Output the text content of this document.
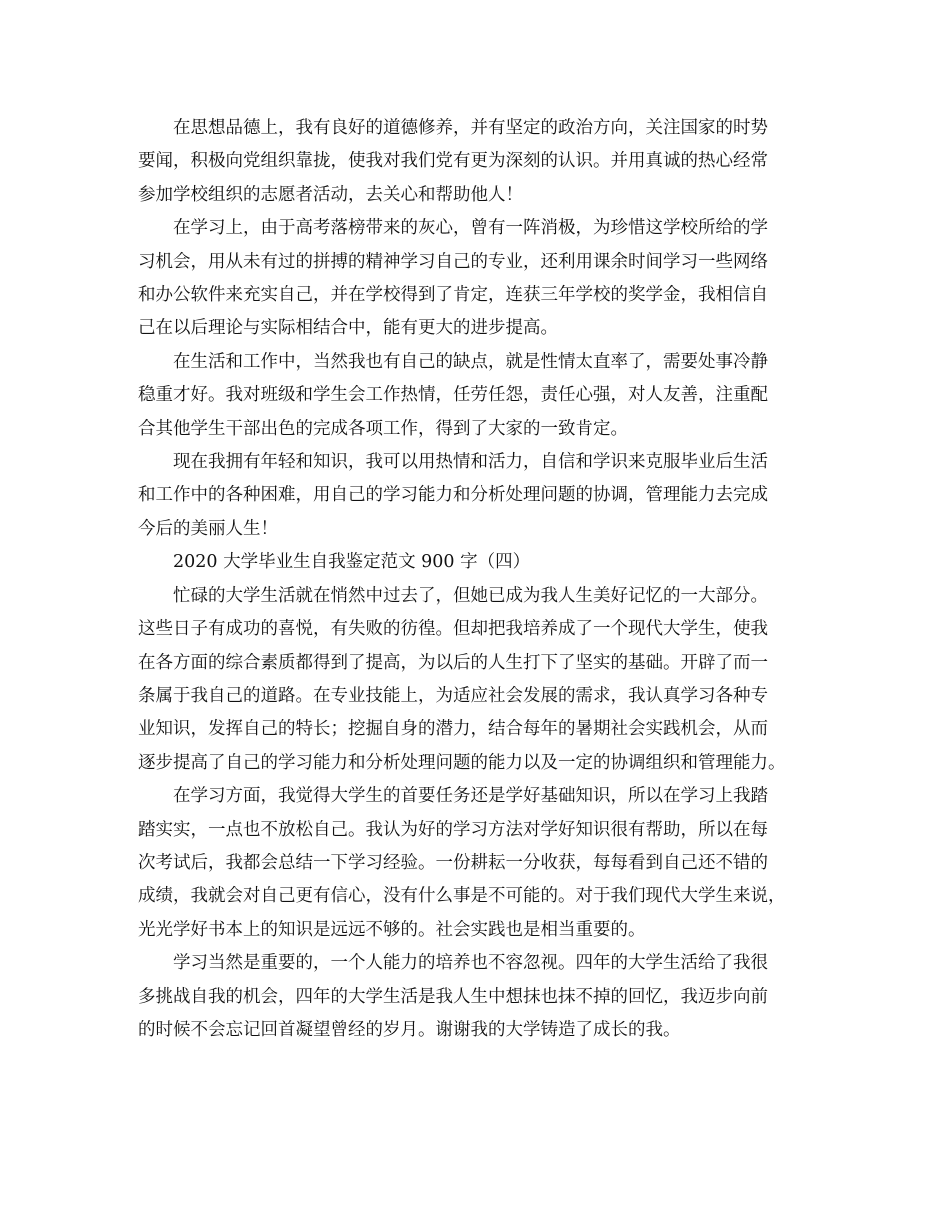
在思想品德上，我有良好的道德修养，并有坚定的政治方向，关注国家的时势
要闻，积极向党组织靠拢，使我对我们党有更为深刻的认识。并用真诚的热心经常
参加学校组织的志愿者活动，去关心和帮助他人！

在学习上，由于高考落榜带来的灰心，曾有一阵消极，为珍惜这学校所给的学
习机会，用从未有过的拼搏的精神学习自己的专业，还利用课余时间学习一些网络
和办公软件来充实自己，并在学校得到了肯定，连获三年学校的奖学金，我相信自
己在以后理论与实际相结合中，能有更大的进步提高。

在生活和工作中，当然我也有自己的缺点，就是性情太直率了，需要处事冷静
稳重才好。我对班级和学生会工作热情，任劳任怨，责任心强，对人友善，注重配
合其他学生干部出色的完成各项工作，得到了大家的一致肯定。

现在我拥有年轻和知识，我可以用热情和活力，自信和学识来克服毕业后生活
和工作中的各种困难，用自己的学习能力和分析处理问题的协调，管理能力去完成
今后的美丽人生！

2020 大学毕业生自我鉴定范文 900 字（四）

忙碌的大学生活就在悄然中过去了，但她已成为我人生美好记忆的一大部分。
这些日子有成功的喜悦，有失败的彷徨。但却把我培养成了一个现代大学生，使我
在各方面的综合素质都得到了提高，为以后的人生打下了坚实的基础。开辟了而一
条属于我自己的道路。在专业技能上，为适应社会发展的需求，我认真学习各种专
业知识，发挥自己的特长；挖掘自身的潜力，结合每年的暑期社会实践机会，从而
逐步提高了自己的学习能力和分析处理问题的能力以及一定的协调组织和管理能力。

在学习方面，我觉得大学生的首要任务还是学好基础知识，所以在学习上我踏
踏实实，一点也不放松自己。我认为好的学习方法对学好知识很有帮助，所以在每
次考试后，我都会总结一下学习经验。一份耕耘一分收获，每每看到自己还不错的
成绩，我就会对自己更有信心，没有什么事是不可能的。对于我们现代大学生来说，
光光学好书本上的知识是远远不够的。社会实践也是相当重要的。

学习当然是重要的，一个人能力的培养也不容忽视。四年的大学生活给了我很
多挑战自我的机会，四年的大学生活是我人生中想抹也抹不掉的回忆，我迈步向前
的时候不会忘记回首凝望曾经的岁月。谢谢我的大学铸造了成长的我。
